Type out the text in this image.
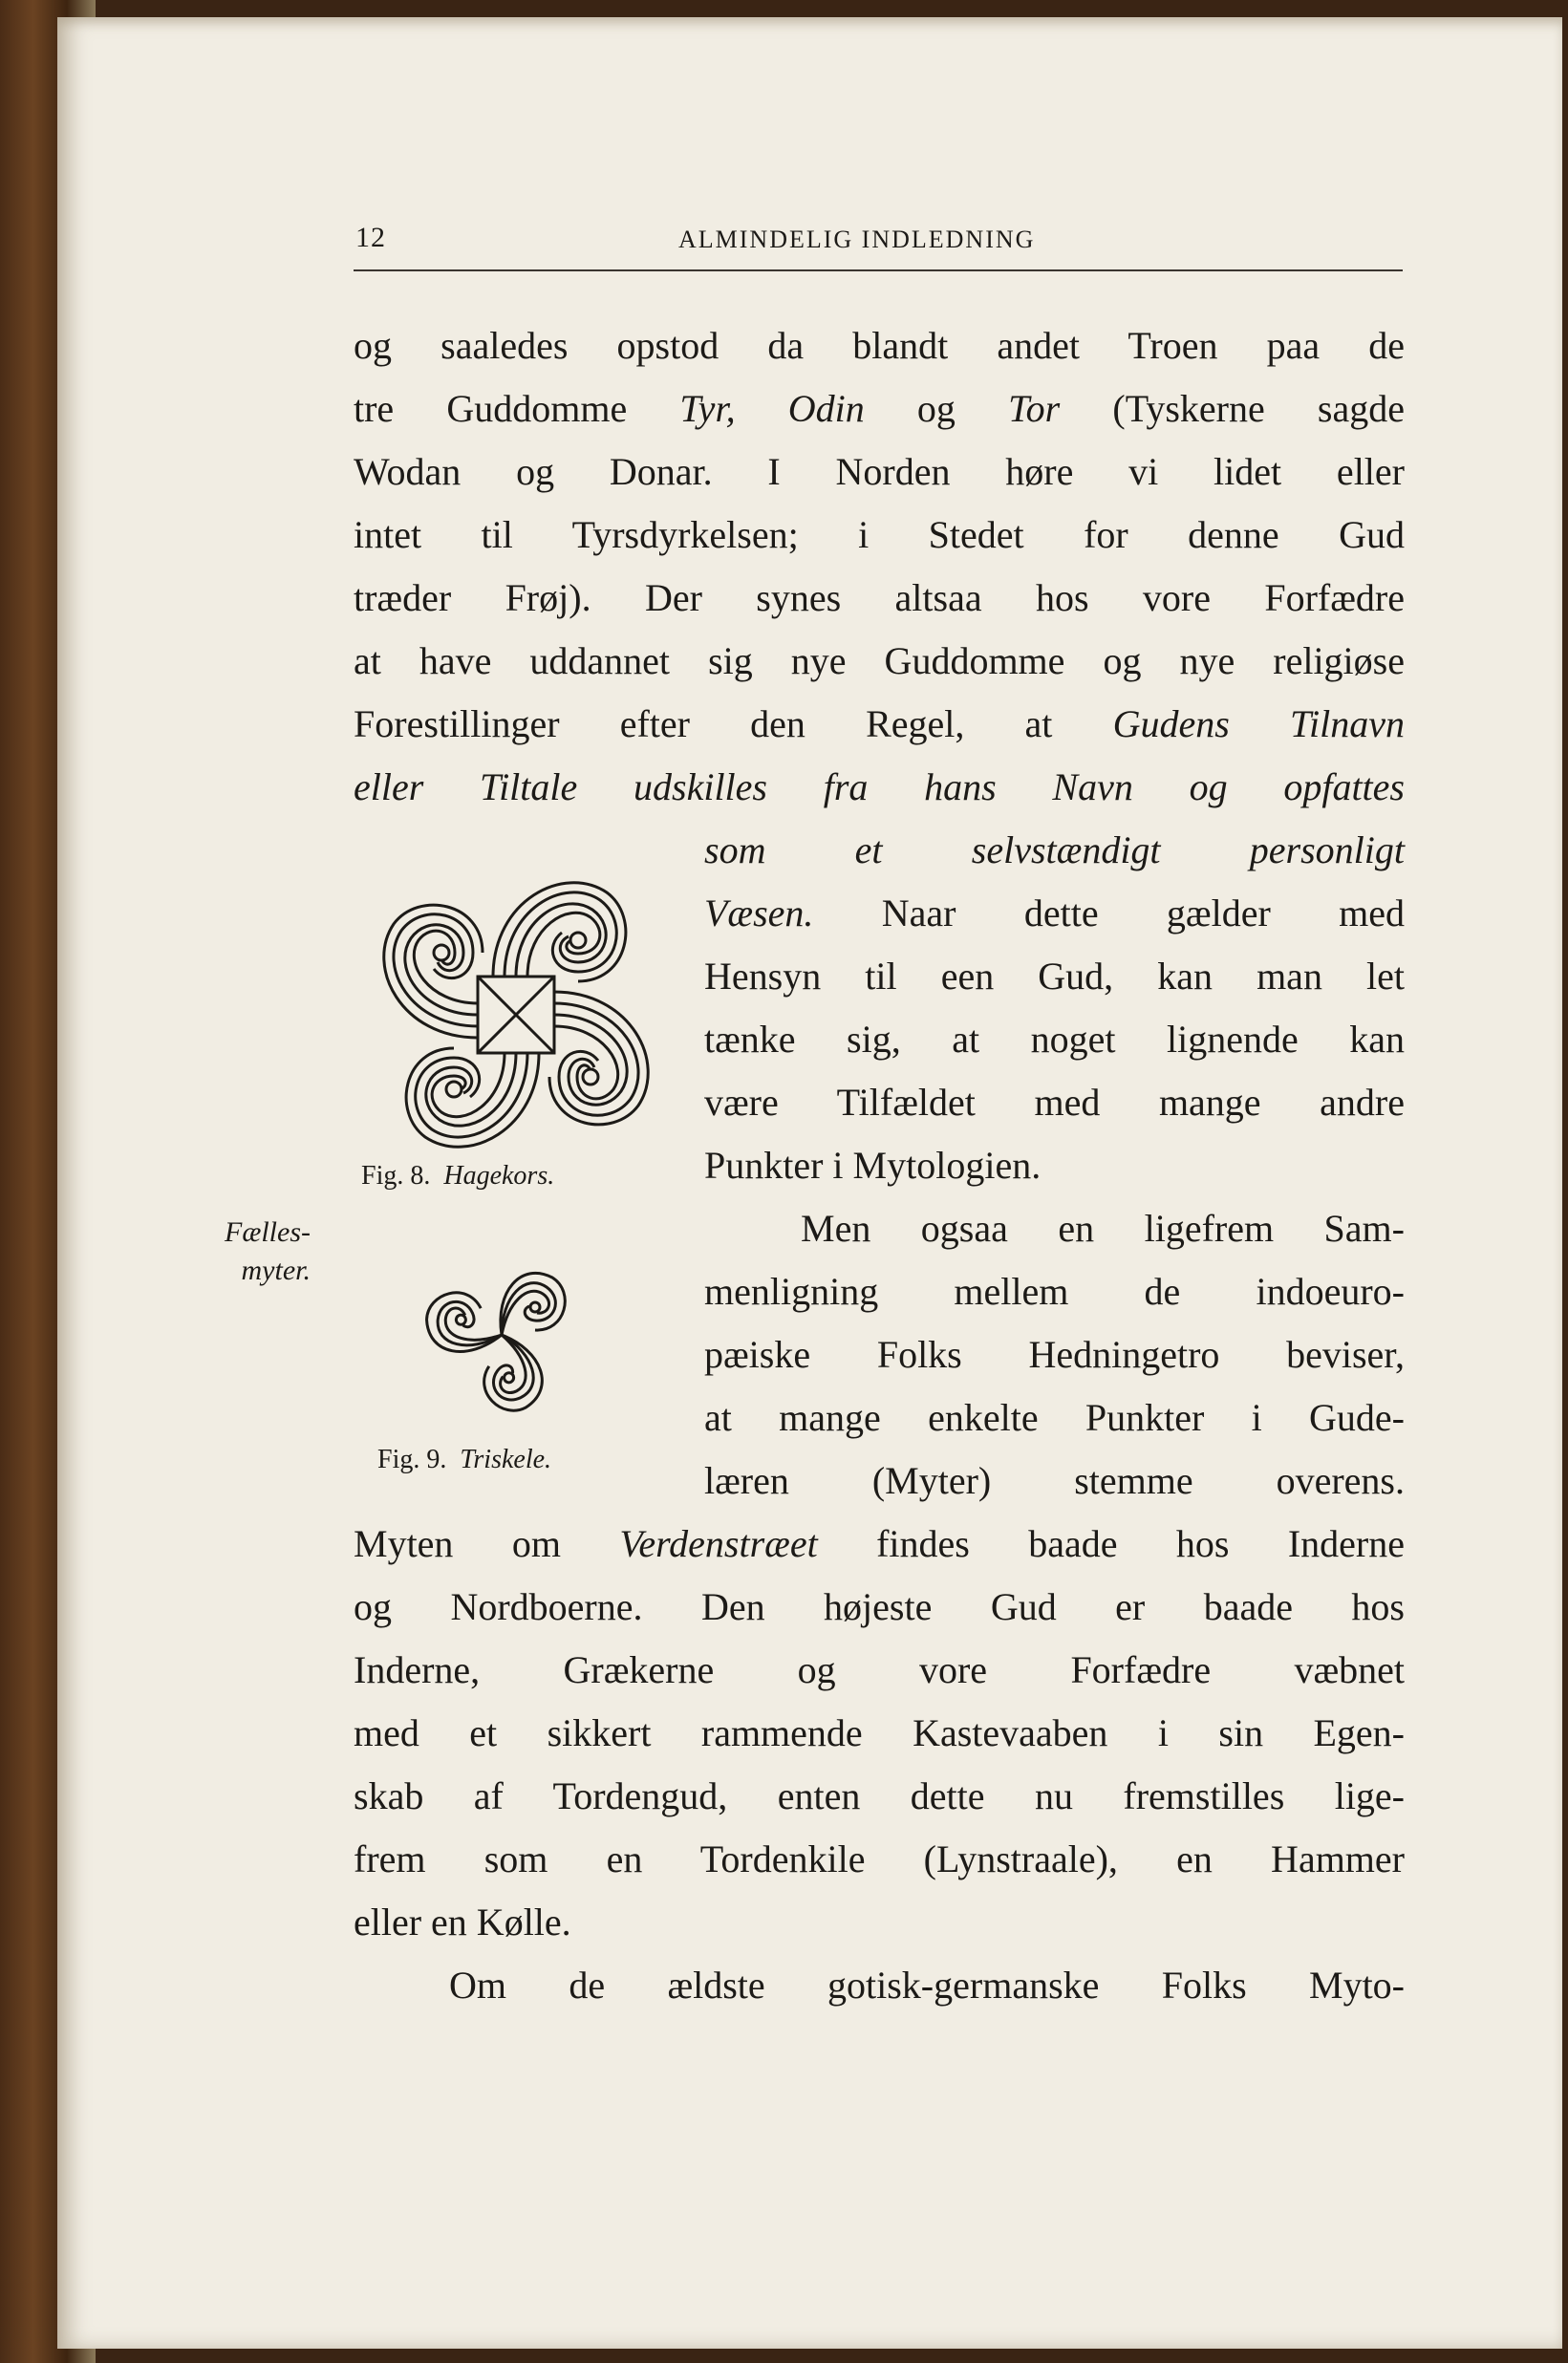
12	ALMINDELIG INDLEDNING
og saaledes opstod da blandt andet Troen paa de
tre Guddomme Tyr, Odin og Tor (Tyskerne sagde
Wodan og Donar. I Norden høre vi lidet eller
intet til Tyrsdyrkelsen; i Stedet for denne Gud
træder Frøj). Der synes altsaa hos vore Forfædre
at have uddannet sig nye Guddomme og nye religiøse
Forestillinger efter den Regel, at Gudens Tilnavn
eller Tiltale udskilles fra hans Navn og opfattes
som et selvstændigt personligt
Væsen. Naar dette gælder med
Hensyn til een Gud, kan man let
tænke sig, at noget lignende kan
være Tilfældet med mange andre
Punkter i Mytologien.
Men ogsaa en ligefrem Sam-
menligning mellem de indoeuro-
pæiske Folks Hedningetro beviser,
at mange enkelte Punkter i Gude-
læren (Myter) stemme overens.
Myten om Verdenstræet findes baade hos Inderne
og Nordboerne. Den højeste Gud er baade hos
Inderne, Grækerne og vore Forfædre væbnet
med et sikkert rammende Kastevaaben i sin Egen-
skab af Tordengud, enten dette nu fremstilles lige-
frem som en Tordenkile (Lynstraale), en Hammer
eller en Kølle.
Om de ældste gotisk-germanske Folks Myto-
Fælles-
myter.
Fig. 8. Hagekors.
Fig. 9. Triskele.
